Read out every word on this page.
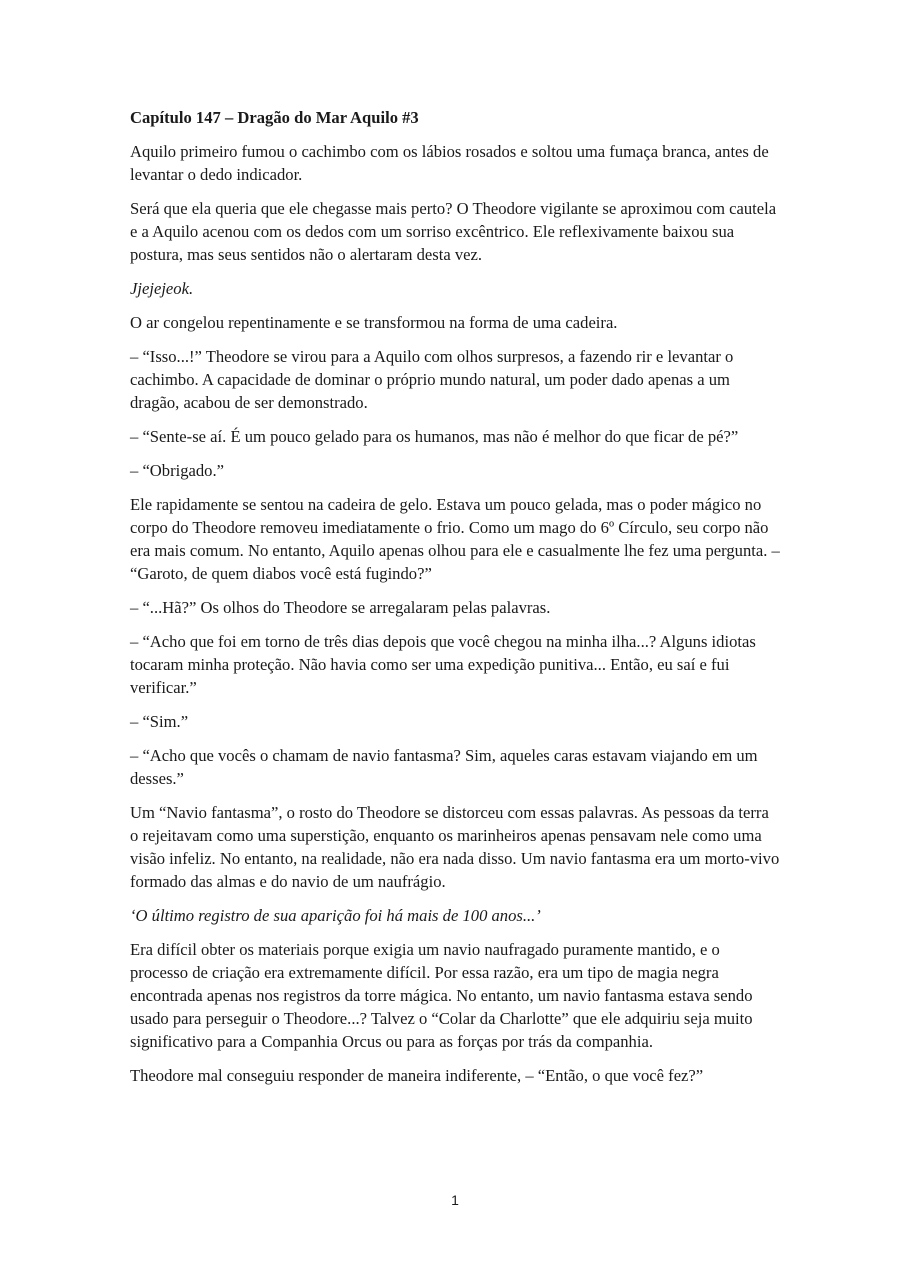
Capítulo 147 – Dragão do Mar Aquilo #3
Aquilo primeiro fumou o cachimbo com os lábios rosados e soltou uma fumaça branca, antes de levantar o dedo indicador.
Será que ela queria que ele chegasse mais perto? O Theodore vigilante se aproximou com cautela e a Aquilo acenou com os dedos com um sorriso excêntrico. Ele reflexivamente baixou sua postura, mas seus sentidos não o alertaram desta vez.
Jjejejeok.
O ar congelou repentinamente e se transformou na forma de uma cadeira.
– “Isso...!” Theodore se virou para a Aquilo com olhos surpresos, a fazendo rir e levantar o cachimbo. A capacidade de dominar o próprio mundo natural, um poder dado apenas a um dragão, acabou de ser demonstrado.
– “Sente-se aí. É um pouco gelado para os humanos, mas não é melhor do que ficar de pé?”
– “Obrigado.”
Ele rapidamente se sentou na cadeira de gelo. Estava um pouco gelada, mas o poder mágico no corpo do Theodore removeu imediatamente o frio. Como um mago do 6º Círculo, seu corpo não era mais comum. No entanto, Aquilo apenas olhou para ele e casualmente lhe fez uma pergunta. – “Garoto, de quem diabos você está fugindo?”
– “...Hã?” Os olhos do Theodore se arregalaram pelas palavras.
– “Acho que foi em torno de três dias depois que você chegou na minha ilha...? Alguns idiotas tocaram minha proteção. Não havia como ser uma expedição punitiva... Então, eu saí e fui verificar.”
– “Sim.”
– “Acho que vocês o chamam de navio fantasma? Sim, aqueles caras estavam viajando em um desses.”
Um “Navio fantasma”, o rosto do Theodore se distorceu com essas palavras. As pessoas da terra o rejeitavam como uma superstição, enquanto os marinheiros apenas pensavam nele como uma visão infeliz. No entanto, na realidade, não era nada disso. Um navio fantasma era um morto-vivo formado das almas e do navio de um naufrágio.
‘O último registro de sua aparição foi há mais de 100 anos...’
Era difícil obter os materiais porque exigia um navio naufragado puramente mantido, e o processo de criação era extremamente difícil. Por essa razão, era um tipo de magia negra encontrada apenas nos registros da torre mágica. No entanto, um navio fantasma estava sendo usado para perseguir o Theodore...? Talvez o “Colar da Charlotte” que ele adquiriu seja muito significativo para a Companhia Orcus ou para as forças por trás da companhia.
Theodore mal conseguiu responder de maneira indiferente, – “Então, o que você fez?”
1
